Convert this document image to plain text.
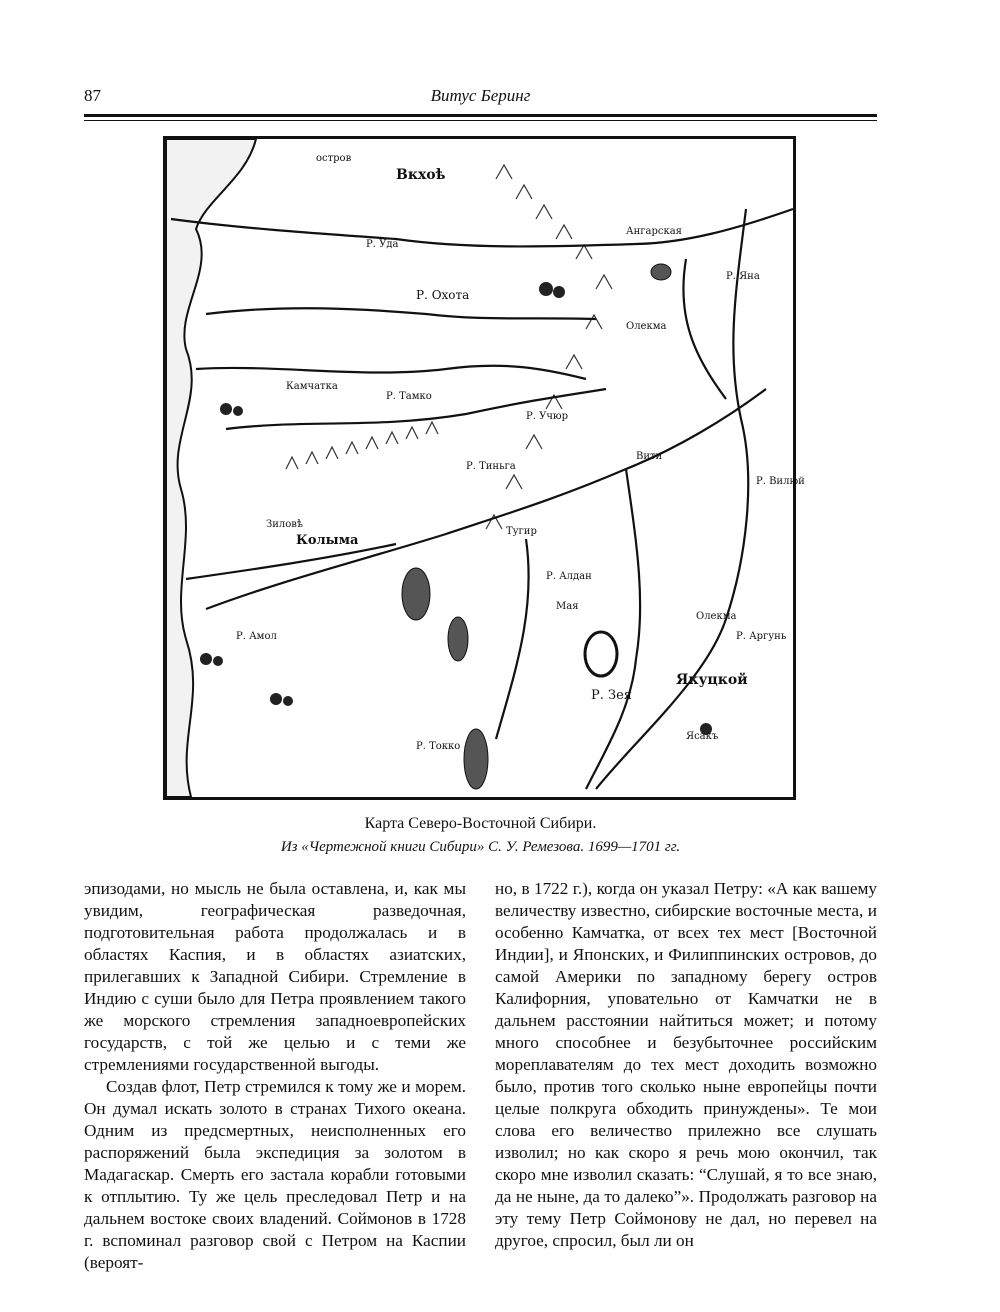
87	Витус Беринг
остров
Вкхоѣ
Р. Уда
Р. Охота
Олекма
Колыма
Зиловѣ
Р. Амол
Камчатка
Тугир
Якуцкой
Ясакъ
Р. Зея
Вити
Р. Учюр
Р. Алдан
Р. Тамко
Р. Тиньга
Олекма
Ангарская
Р. Вилюй
Р. Аргунь
Р. Яна
Мая
Р. Токко
Карта Северо-Восточной Сибири.
Из «Чертежной книги Сибири» С. У. Ремезова. 1699—1701 гг.

эпизодами, но мысль не была оставлена, и, как мы увидим, географическая разведочная, подготовительная работа продолжалась и в областях Каспия, и в областях азиатских, прилегавших к Западной Сибири. Стремление в Индию с суши было для Петра проявлением такого же морского стремления западноевропейских государств, с той же целью и с теми же стремлениями государственной выгоды.

Создав флот, Петр стремился к тому же и морем. Он думал искать золото в странах Тихого океана. Одним из предсмертных, неисполненных его распоряжений была экспедиция за золотом в Мадагаскар. Смерть его застала корабли готовыми к отплытию. Ту же цель преследовал Петр и на дальнем востоке своих владений. Соймонов в 1728 г. вспоминал разговор свой с Петром на Каспии (вероят-

но, в 1722 г.), когда он указал Петру: «А как вашему величеству известно, сибирские восточные места, и особенно Камчатка, от всех тех мест [Восточной Индии], и Японских, и Филиппинских островов, до самой Америки по западному берегу остров Калифорния, уповательно от Камчатки не в дальнем расстоянии найтиться может; и потому много способнее и безубыточнее российским мореплавателям до тех мест доходить возможно было, против того сколько ныне европейцы почти целые полкруга обходить принуждены». Те мои слова его величество прилежно все слушать изволил; но как скоро я речь мою окончил, так скоро мне изволил сказать: “Слушай, я то все знаю, да не ныне, да то далеко”». Продолжать разговор на эту тему Петр Соймонову не дал, но перевел на другое, спросил, был ли он
